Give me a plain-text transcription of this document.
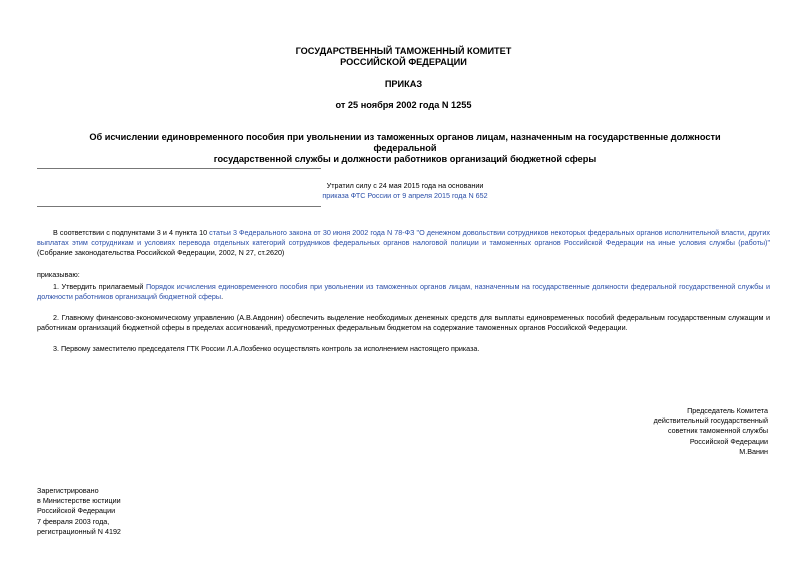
ГОСУДАРСТВЕННЫЙ ТАМОЖЕННЫЙ КОМИТЕТ
РОССИЙСКОЙ ФЕДЕРАЦИИ
ПРИКАЗ
от 25 ноября 2002 года N 1255
Об исчислении единовременного пособия при увольнении из таможенных органов лицам, назначенным на государственные должности федеральной
государственной службы и должности работников организаций бюджетной сферы
Утратил силу с 24 мая 2015 года на основании
приказа ФТС России от 9 апреля 2015 года N 652
В соответствии с подпунктами 3 и 4 пункта 10 статьи 3 Федерального закона от 30 июня 2002 года N 78-ФЗ "О денежном довольствии сотрудников некоторых федеральных органов исполнительной власти, других выплатах этим сотрудникам и условиях перевода отдельных категорий сотрудников федеральных органов налоговой полиции и таможенных органов Российской Федерации на иные условия службы (работы)" (Собрание законодательства Российской Федерации, 2002, N 27, ст.2620)
приказываю:
1. Утвердить прилагаемый Порядок исчисления единовременного пособия при увольнении из таможенных органов лицам, назначенным на государственные должности федеральной государственной службы и должности работников организаций бюджетной сферы.
2. Главному финансово-экономическому управлению (А.В.Авдонин) обеспечить выделение необходимых денежных средств для выплаты единовременных пособий федеральным государственным служащим и работникам организаций бюджетной сферы в пределах ассигнований, предусмотренных федеральным бюджетом на содержание таможенных органов Российской Федерации.
3. Первому заместителю председателя ГТК России Л.А.Лозбенко осуществлять контроль за исполнением настоящего приказа.
Председатель Комитета
действительный государственный
советник таможенной службы
Российской Федерации
М.Ванин
Зарегистрировано
в Министерстве юстиции
Российской Федерации
7 февраля 2003 года,
регистрационный N 4192
